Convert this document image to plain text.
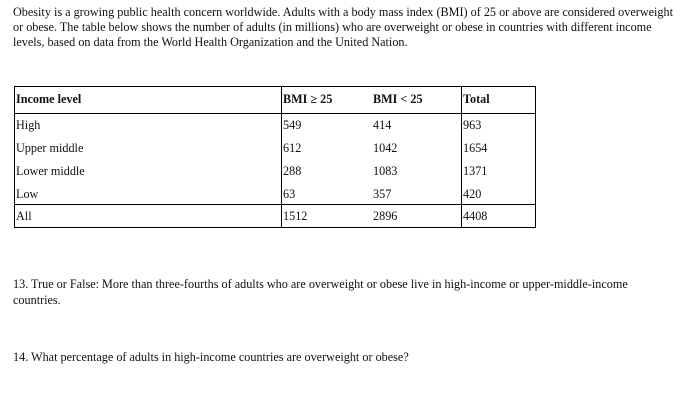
Obesity is a growing public health concern worldwide. Adults with a body mass index (BMI) of 25 or above are considered overweight or obese. The table below shows the number of adults (in millions) who are overweight or obese in countries with different income levels, based on data from the World Health Organization and the United Nation.

Income level	BMI ≥ 25	BMI < 25	Total
High	549	414	963
Upper middle	612	1042	1654
Lower middle	288	1083	1371
Low	63	357	420
All	1512	2896	4408

13. True or False: More than three-fourths of adults who are overweight or obese live in high-income or upper-middle-income countries.

14. What percentage of adults in high-income countries are overweight or obese?
